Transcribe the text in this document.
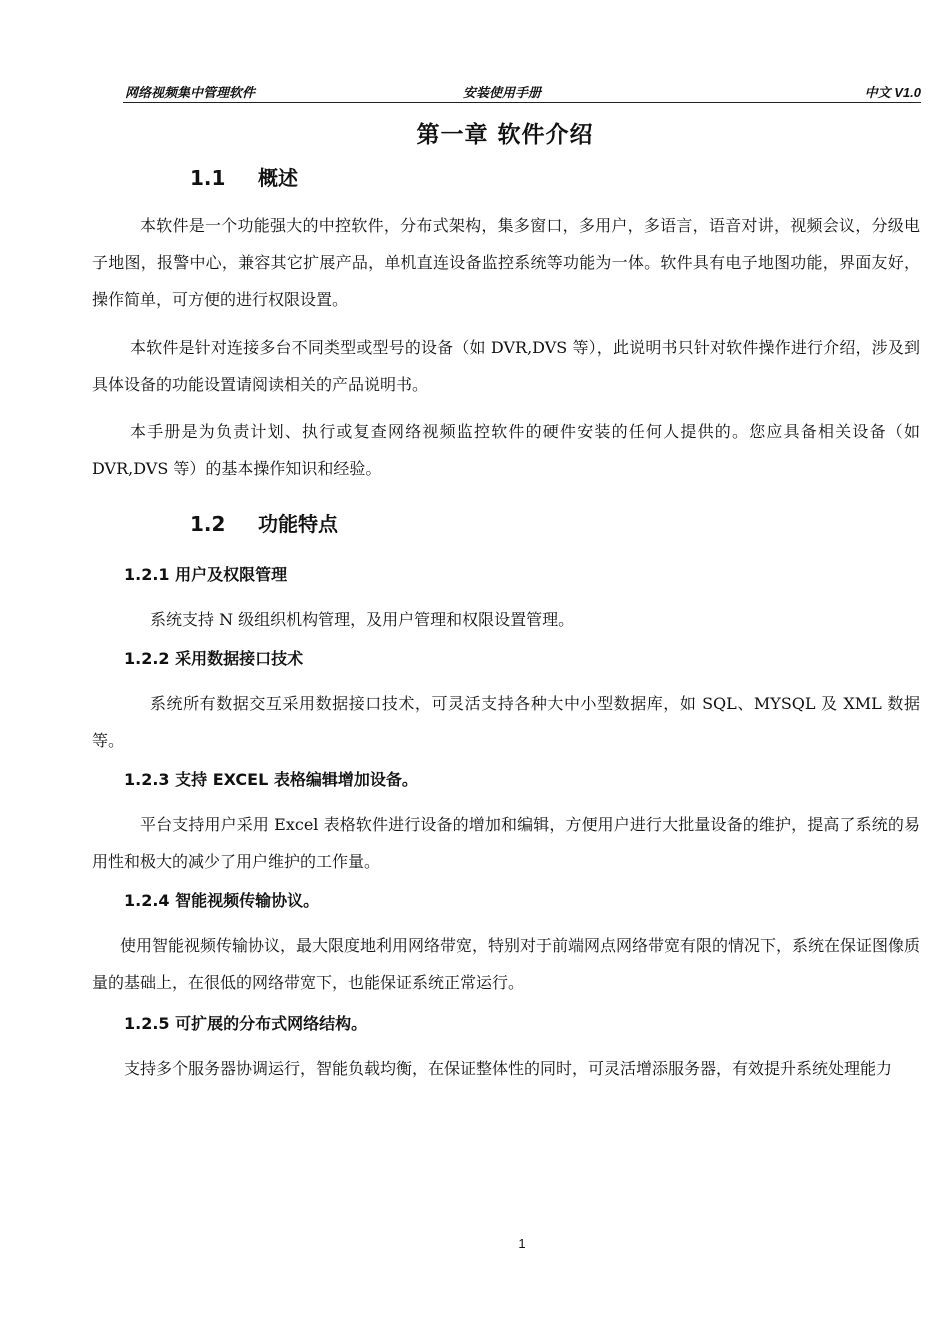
网络视频集中管理软件	安装使用手册	中文 V1.0
第一章 软件介绍
1.1 概述

本软件是一个功能强大的中控软件，分布式架构，集多窗口，多用户，多语言，语音对讲，视频会议，分级电子地图，报警中心，兼容其它扩展产品，单机直连设备监控系统等功能为一体。软件具有电子地图功能，界面友好，操作简单，可方便的进行权限设置。

本软件是针对连接多台不同类型或型号的设备（如 DVR,DVS 等），此说明书只针对软件操作进行介绍，涉及到具体设备的功能设置请阅读相关的产品说明书。

本手册是为负责计划、执行或复查网络视频监控软件的硬件安装的任何人提供的。您应具备相关设备（如 DVR,DVS 等）的基本操作知识和经验。

1.2 功能特点
1.2.1 用户及权限管理

系统支持 N 级组织机构管理，及用户管理和权限设置管理。

1.2.2 采用数据接口技术

系统所有数据交互采用数据接口技术，可灵活支持各种大中小型数据库，如 SQL、MYSQL 及 XML 数据等。

1.2.3 支持 EXCEL 表格编辑增加设备。

平台支持用户采用 Excel 表格软件进行设备的增加和编辑，方便用户进行大批量设备的维护，提高了系统的易用性和极大的减少了用户维护的工作量。

1.2.4 智能视频传输协议。

使用智能视频传输协议，最大限度地利用网络带宽，特别对于前端网点网络带宽有限的情况下，系统在保证图像质量的基础上，在很低的网络带宽下，也能保证系统正常运行。

1.2.5 可扩展的分布式网络结构。

支持多个服务器协调运行，智能负载均衡，在保证整体性的同时，可灵活增添服务器，有效提升系统处理能力

1
